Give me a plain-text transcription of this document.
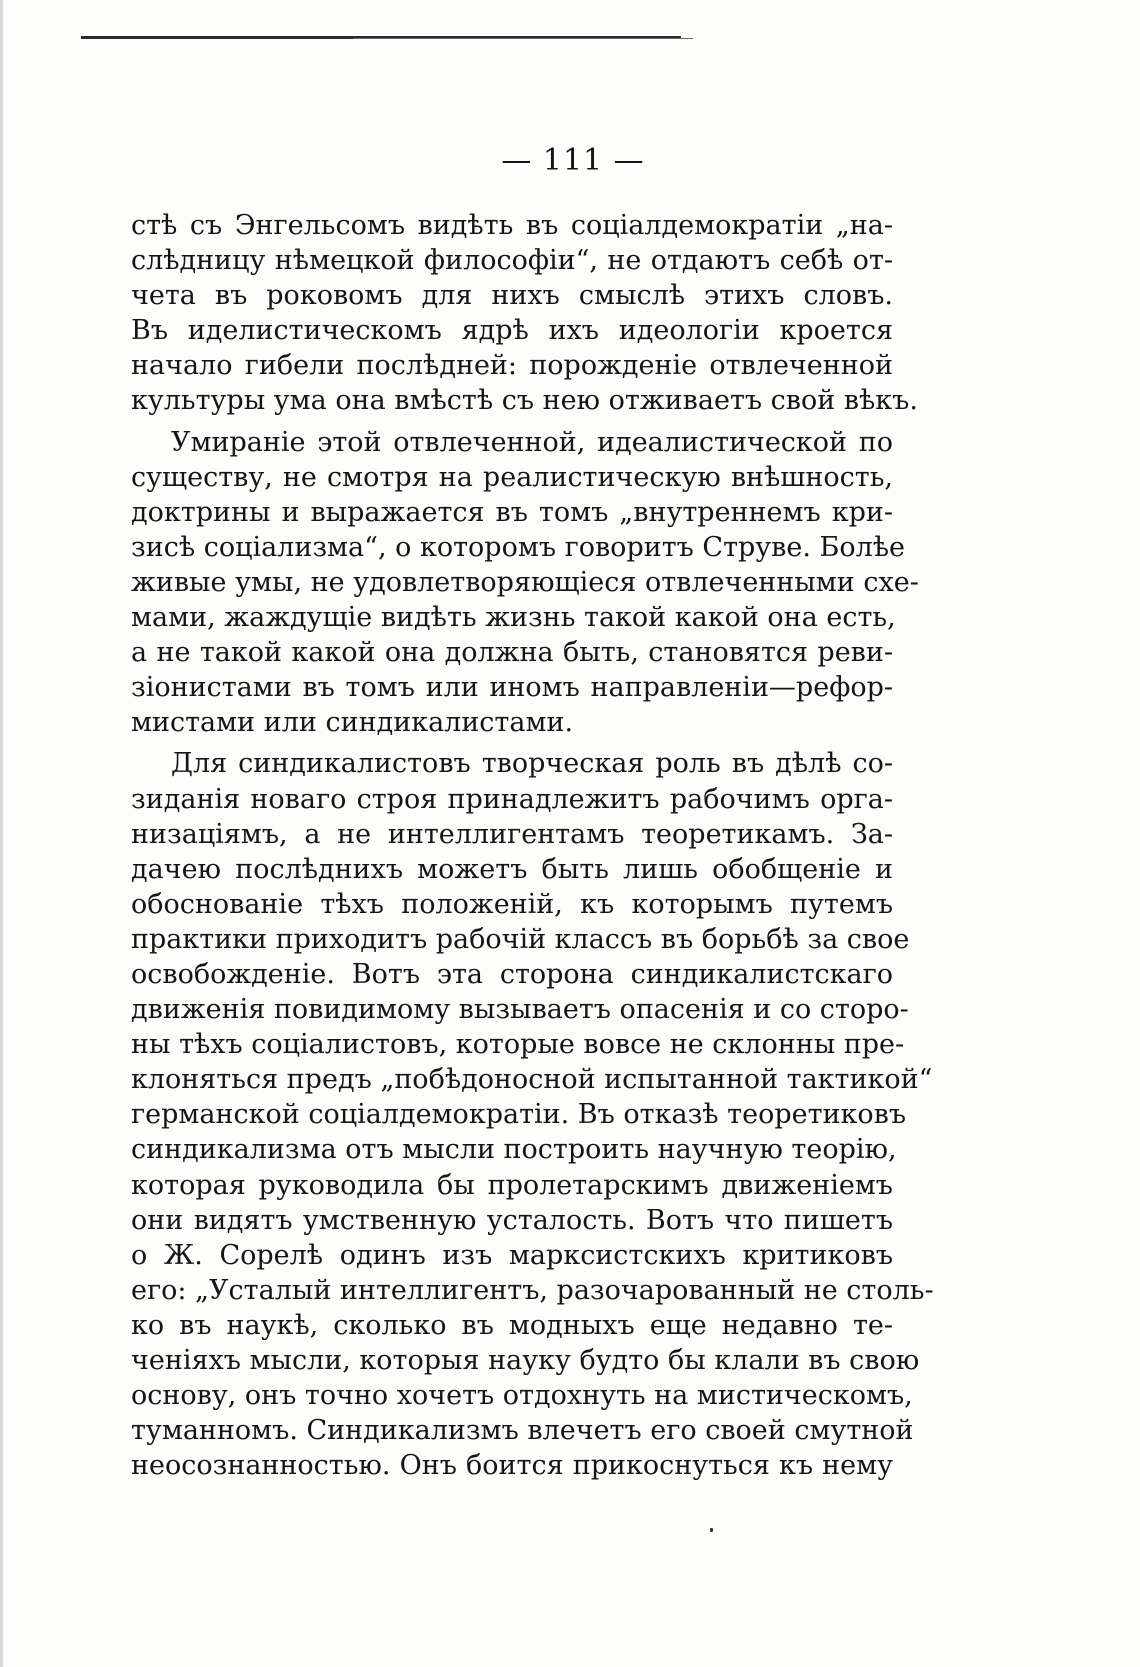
— 111 —
стѣ съ Энгельсомъ видѣть въ соціалдемократіи „на-
слѣдницу нѣмецкой философіи“, не отдаютъ себѣ от-
чета въ роковомъ для нихъ смыслѣ этихъ словъ.
Въ иделистическомъ ядрѣ ихъ идеологіи кроется
начало гибели послѣдней: порожденіе отвлеченной
культуры ума она вмѣстѣ съ нею отживаетъ свой вѣкъ.
Умираніе этой отвлеченной, идеалистической по
существу, не смотря на реалистическую внѣшность,
доктрины и выражается въ томъ „внутреннемъ кри-
зисѣ соціализма“, о которомъ говоритъ Струве. Болѣе
живые умы, не удовлетворяющіеся отвлеченными схе-
мами, жаждущіе видѣть жизнь такой какой она есть,
а не такой какой она должна быть, становятся реви-
зіонистами въ томъ или иномъ направленіи—рефор-
мистами или синдикалистами.
Для синдикалистовъ творческая роль въ дѣлѣ со-
зиданія новаго строя принадлежитъ рабочимъ орга-
низаціямъ, а не интеллигентамъ теоретикамъ. За-
дачею послѣднихъ можетъ быть лишь обобщеніе и
обоснованіе тѣхъ положеній, къ которымъ путемъ
практики приходитъ рабочій классъ въ борьбѣ за свое
освобожденіе. Вотъ эта сторона синдикалистскаго
движенія повидимому вызываетъ опасенія и со сторо-
ны тѣхъ соціалистовъ, которые вовсе не склонны пре-
клоняться предъ „побѣдоносной испытанной тактикой“
германской соціалдемократіи. Въ отказѣ теоретиковъ
синдикализма отъ мысли построить научную теорію,
которая руководила бы пролетарскимъ движеніемъ
они видятъ умственную усталость. Вотъ что пишетъ
о Ж. Сорелѣ одинъ изъ марксистскихъ критиковъ
его: „Усталый интеллигентъ, разочарованный не столь-
ко въ наукѣ, сколько въ модныхъ еще недавно те-
ченіяхъ мысли, которыя науку будто бы клали въ свою
основу, онъ точно хочетъ отдохнуть на мистическомъ,
туманномъ. Синдикализмъ влечетъ его своей смутной
неосознанностью. Онъ боится прикоснуться къ нему
